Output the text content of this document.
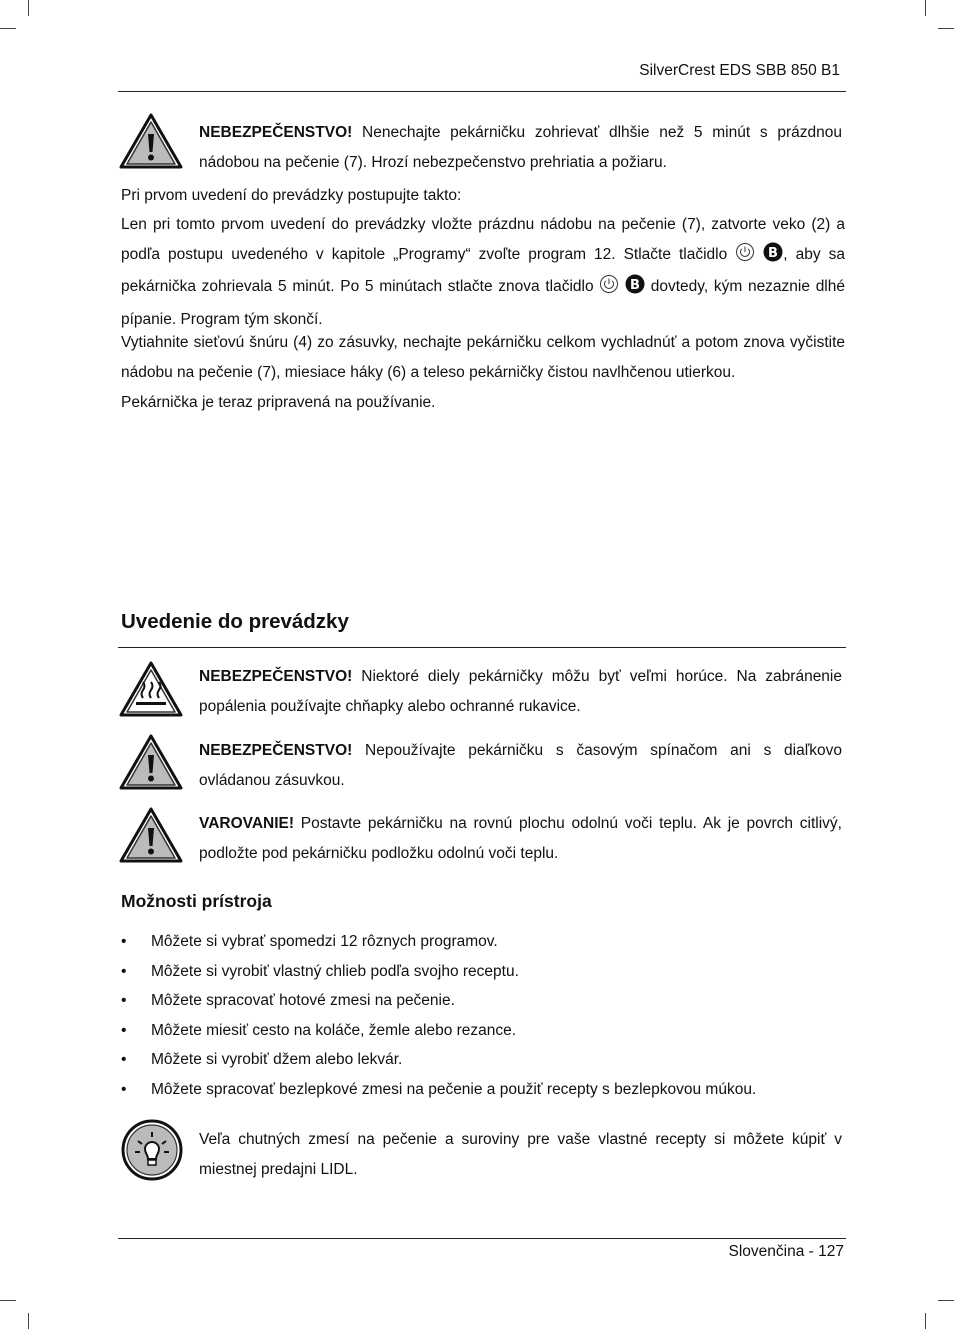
SilverCrest EDS SBB 850 B1
NEBEZPEČENSTVO! Nenechajte pekárničku zohrievať dlhšie než 5 minút s prázdnou nádobou na pečenie (7). Hrozí nebezpečenstvo prehriatia a požiaru.
Pri prvom uvedení do prevádzky postupujte takto:
Len pri tomto prvom uvedení do prevádzky vložte prázdnu nádobu na pečenie (7), zatvorte veko (2) a podľa postupu uvedeného v kapitole „Programy“ zvoľte program 12. Stlačte tlačidlo	B , aby sa pekárnička zohrievala 5 minút. Po 5 minútach stlačte znova tlačidlo B dovtedy, kým nezaznie dlhé pípanie. Program tým skončí.
Vytiahnite sieťovú šnúru (4) zo zásuvky, nechajte pekárničku celkom vychladnúť a potom znova vyčistite nádobu na pečenie (7), miesiace háky (6) a teleso pekárničky čistou navlhčenou utierkou.
Pekárnička je teraz pripravená na používanie.
Uvedenie do prevádzky
NEBEZPEČENSTVO! Niektoré diely pekárničky môžu byť veľmi horúce. Na zabránenie popálenia používajte chňapky alebo ochranné rukavice.
NEBEZPEČENSTVO! Nepoužívajte pekárničku s časovým spínačom ani s diaľkovo ovládanou zásuvkou.
VAROVANIE! Postavte pekárničku na rovnú plochu odolnú voči teplu. Ak je povrch citlivý, podložte pod pekárničku podložku odolnú voči teplu.
Možnosti prístroja
• Môžete si vybrať spomedzi 12 rôznych programov.
• Môžete si vyrobiť vlastný chlieb podľa svojho receptu.
• Môžete spracovať hotové zmesi na pečenie.
• Môžete miesiť cesto na koláče, žemle alebo rezance.
• Môžete si vyrobiť džem alebo lekvár.
• Môžete spracovať bezlepkové zmesi na pečenie a použiť recepty s bezlepkovou múkou.
Veľa chutných zmesí na pečenie a suroviny pre vaše vlastné recepty si môžete kúpiť v miestnej predajni LIDL.
Slovenčina - 127
